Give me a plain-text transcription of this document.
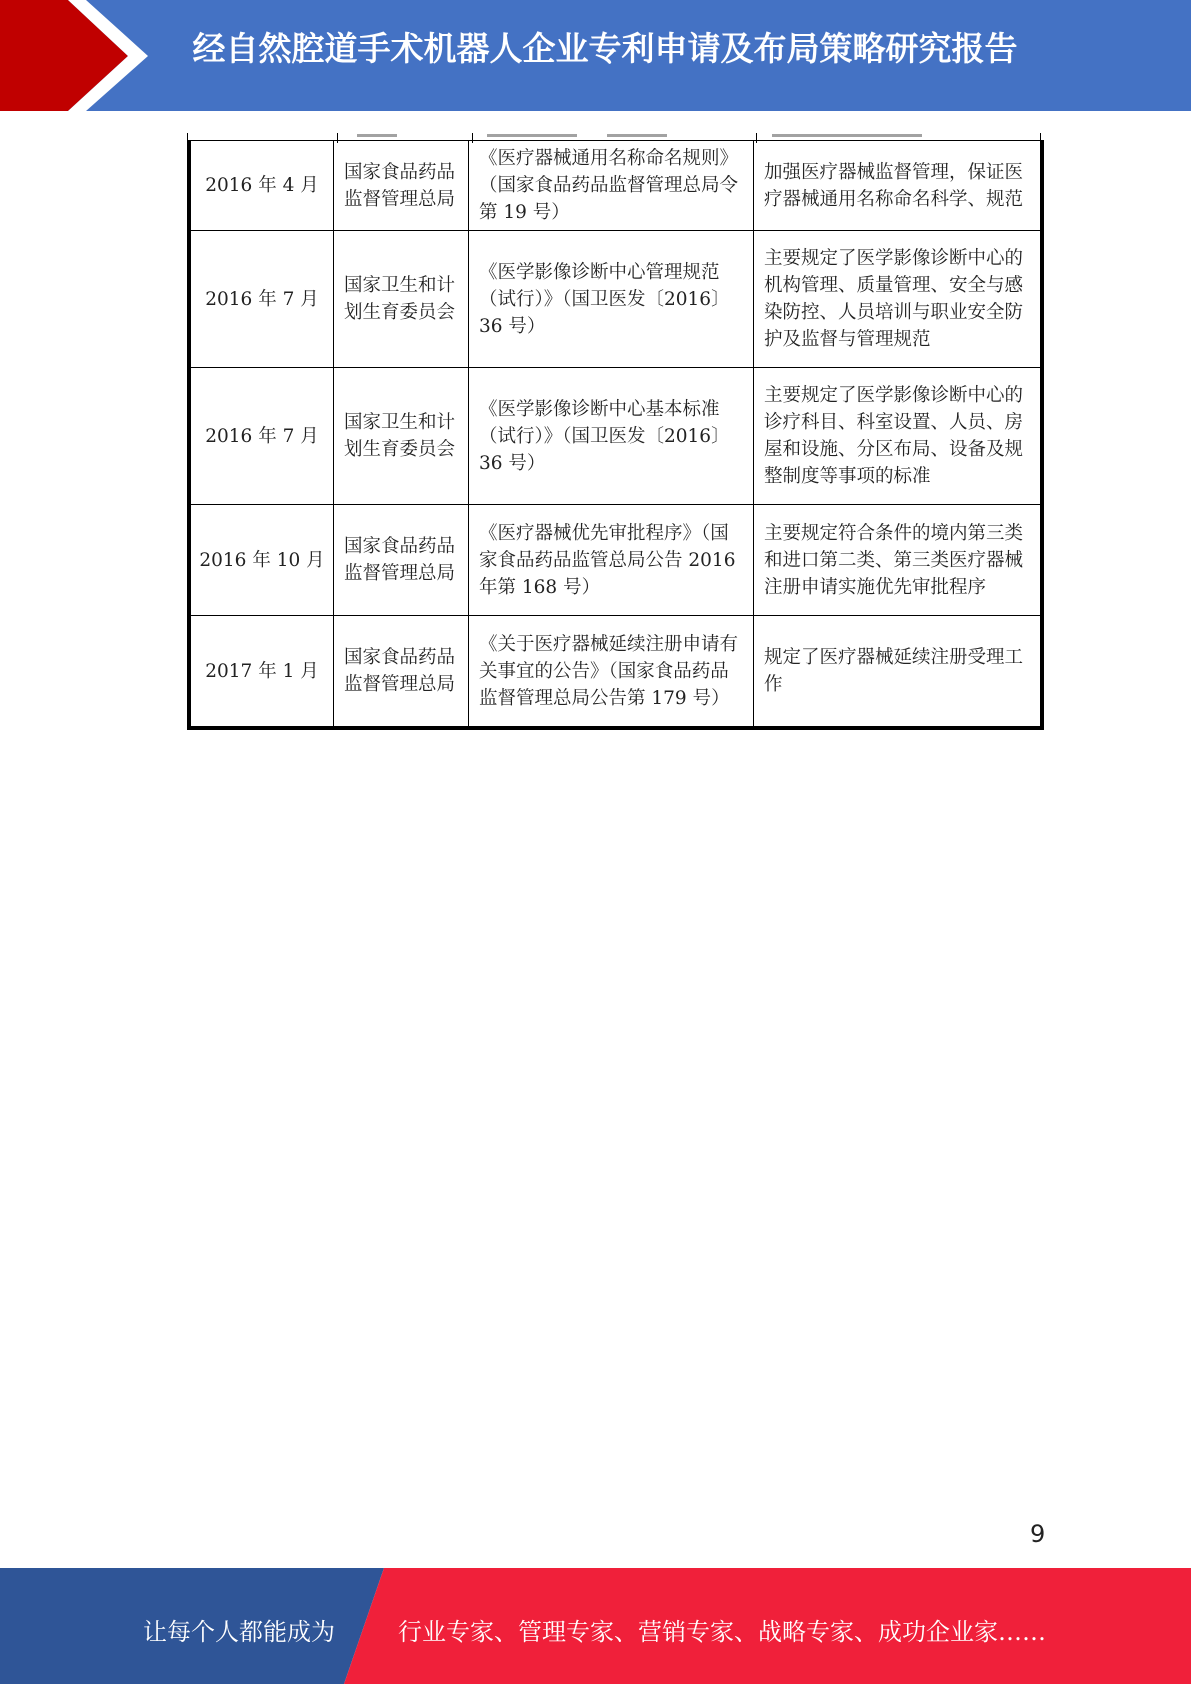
经自然腔道手术机器人企业专利申请及布局策略研究报告
2016 年 4 月	国家食品药品监督管理总局	《医疗器械通用名称命名规则》（国家食品药品监督管理总局令第 19 号）	加强医疗器械监督管理，保证医疗器械通用名称命名科学、规范
2016 年 7 月	国家卫生和计划生育委员会	《医学影像诊断中心管理规范（试行）》（国卫医发〔2016〕36 号）	主要规定了医学影像诊断中心的机构管理、质量管理、安全与感染防控、人员培训与职业安全防护及监督与管理规范
2016 年 7 月	国家卫生和计划生育委员会	《医学影像诊断中心基本标准（试行）》（国卫医发〔2016〕36 号）	主要规定了医学影像诊断中心的诊疗科目、科室设置、人员、房屋和设施、分区布局、设备及规整制度等事项的标准
2016 年 10 月	国家食品药品监督管理总局	《医疗器械优先审批程序》（国家食品药品监管总局公告 2016 年第 168 号）	主要规定符合条件的境内第三类和进口第二类、第三类医疗器械注册申请实施优先审批程序
2017 年 1 月	国家食品药品监督管理总局	《关于医疗器械延续注册申请有关事宜的公告》（国家食品药品监督管理总局公告第 179 号）	规定了医疗器械延续注册受理工作
9
让每个人都能成为	行业专家、管理专家、营销专家、战略专家、成功企业家……
